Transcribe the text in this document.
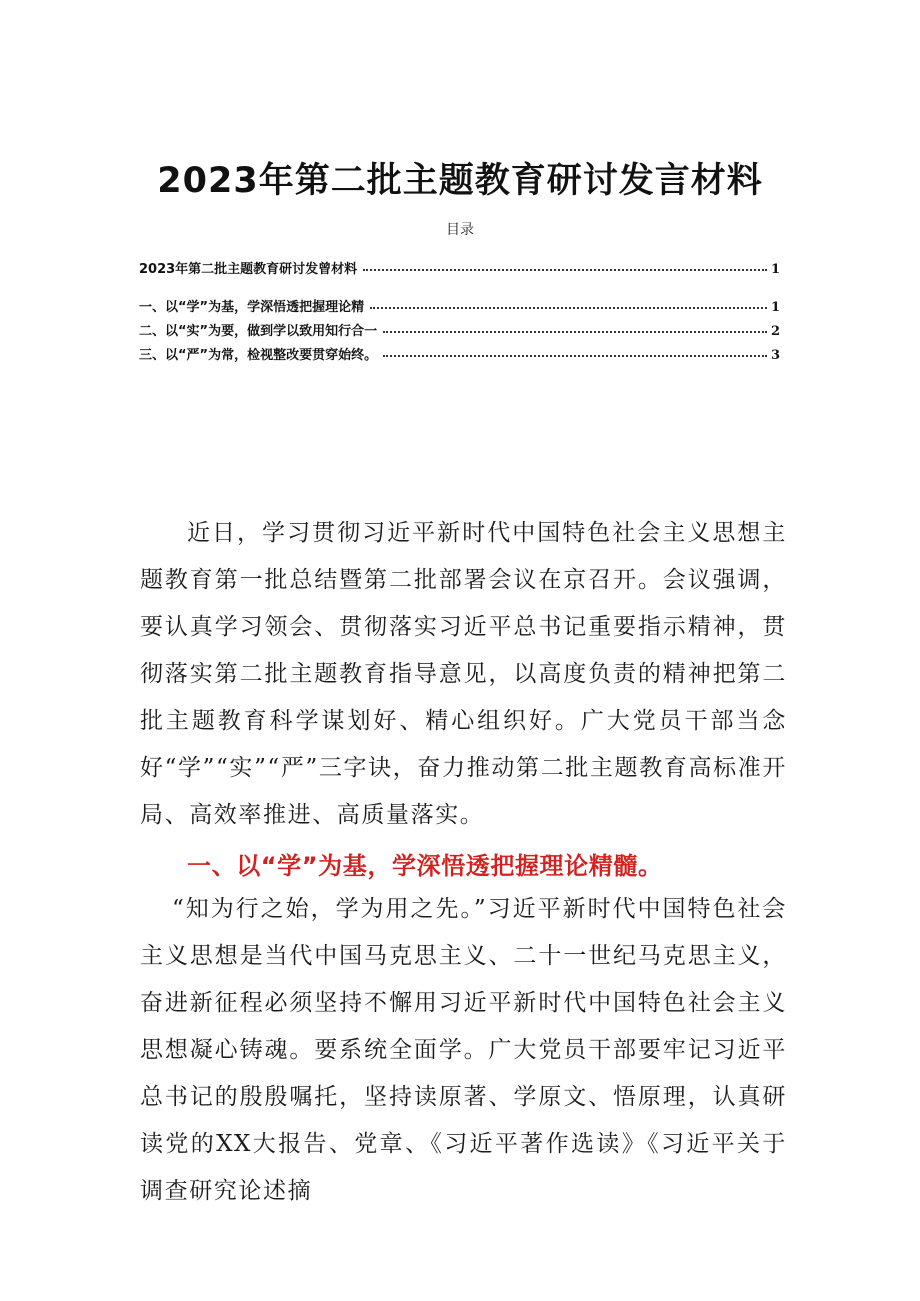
2023年第二批主题教育研讨发言材料
目录
2023年第二批主题教育研讨发曾材料	1
一、以“学”为基，学深悟透把握理论精	1
二、以“实”为要，做到学以致用知行合一	2
三、以“严”为常，检视整改要贯穿始终。	3

近日，学习贯彻习近平新时代中国特色社会主义思想主题教育第一批总结暨第二批部署会议在京召开。会议强调，要认真学习领会、贯彻落实习近平总书记重要指示精神，贯彻落实第二批主题教育指导意见，以高度负责的精神把第二批主题教育科学谋划好、精心组织好。广大党员干部当念好“学”“实”“严”三字诀，奋力推动第二批主题教育高标准开局、高效率推进、高质量落实。

一、以“学”为基，学深悟透把握理论精髓。

“知为行之始，学为用之先。”习近平新时代中国特色社会主义思想是当代中国马克思主义、二十一世纪马克思主义，奋进新征程必须坚持不懈用习近平新时代中国特色社会主义思想凝心铸魂。要系统全面学。广大党员干部要牢记习近平总书记的殷殷嘱托，坚持读原著、学原文、悟原理，认真研读党的XX大报告、党章、《习近平著作选读》《习近平关于调查研究论述摘
